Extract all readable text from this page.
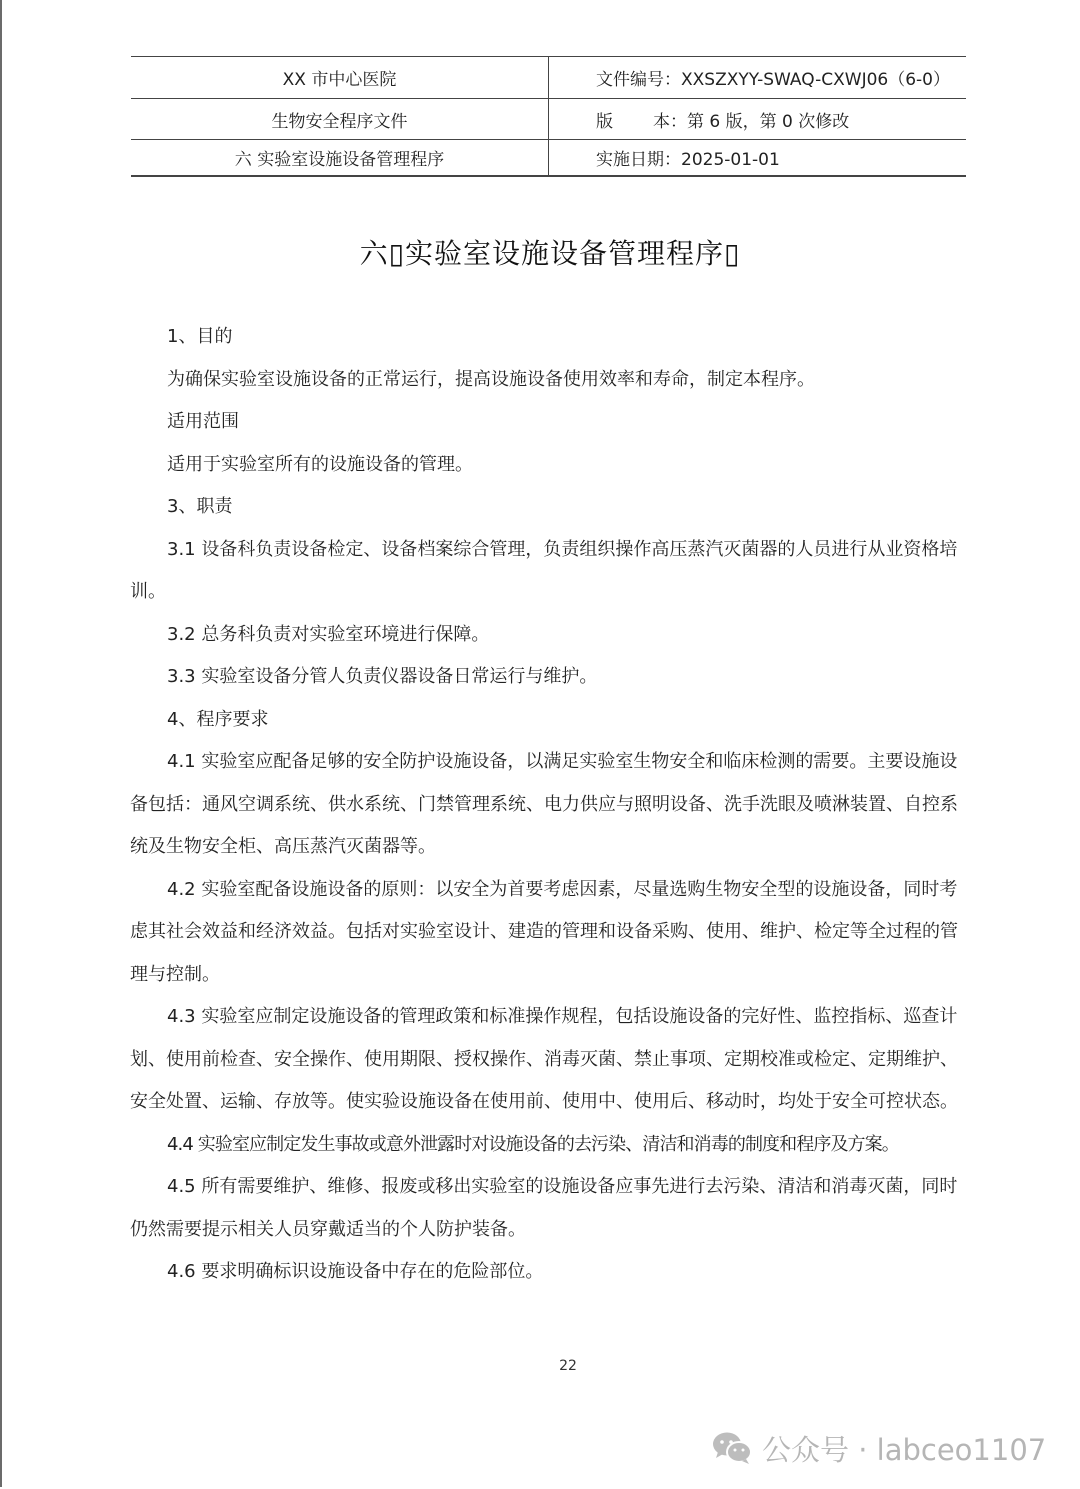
XX 市中心医院	文件编号：XXSZXYY-SWAQ-CXWJ06（6-0）
生物安全程序文件	版 本：第 6 版，第 0 次修改
六 实验室设施设备管理程序	实施日期：2025-01-01
六▯实验室设施设备管理程序▯

1、目的

为确保实验室设施设备的正常运行，提高设施设备使用效率和寿命，制定本程序。

适用范围

适用于实验室所有的设施设备的管理。

3、职责

3.1 设备科负责设备检定、设备档案综合管理，负责组织操作高压蒸汽灭菌器的人员进行从业资格培训。

3.2 总务科负责对实验室环境进行保障。

3.3 实验室设备分管人负责仪器设备日常运行与维护。

4、程序要求

4.1 实验室应配备足够的安全防护设施设备，以满足实验室生物安全和临床检测的需要。主要设施设备包括：通风空调系统、供水系统、门禁管理系统、电力供应与照明设备、洗手洗眼及喷淋装置、自控系统及生物安全柜、高压蒸汽灭菌器等。

4.2 实验室配备设施设备的原则：以安全为首要考虑因素，尽量选购生物安全型的设施设备，同时考虑其社会效益和经济效益。包括对实验室设计、建造的管理和设备采购、使用、维护、检定等全过程的管理与控制。

4.3 实验室应制定设施设备的管理政策和标准操作规程，包括设施设备的完好性、监控指标、巡查计划、使用前检查、安全操作、使用期限、授权操作、消毒灭菌、禁止事项、定期校准或检定、定期维护、安全处置、运输、存放等。使实验设施设备在使用前、使用中、使用后、移动时，均处于安全可控状态。

4.4 实验室应制定发生事故或意外泄露时对设施设备的去污染、清洁和消毒的制度和程序及方案。

4.5 所有需要维护、维修、报废或移出实验室的设施设备应事先进行去污染、清洁和消毒灭菌，同时仍然需要提示相关人员穿戴适当的个人防护装备。

4.6 要求明确标识设施设备中存在的危险部位。

22
公众号 · labceo1107
